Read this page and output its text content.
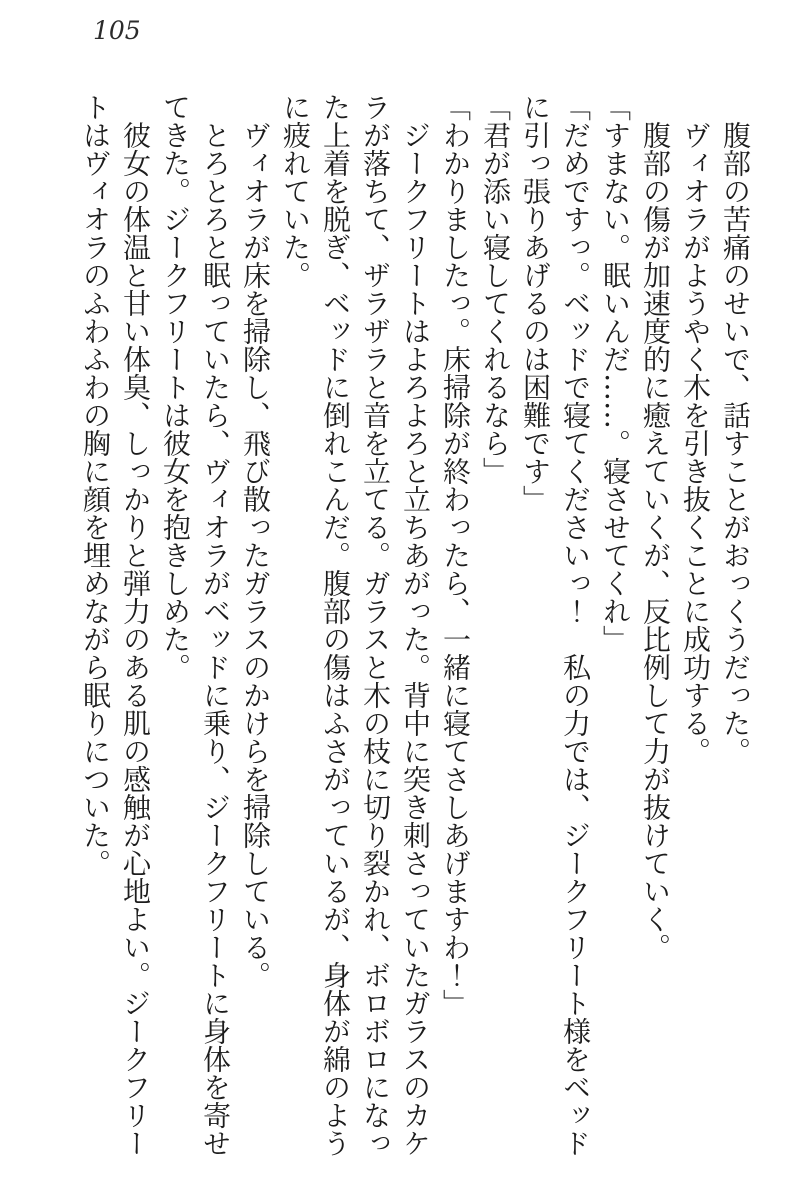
105

腹部の苦痛のせいで、話すことがおっくうだった。

ヴィオラがようやく木を引き抜くことに成功する。

腹部の傷が加速度的に癒えていくが、反比例して力が抜けていく。

「すまない。眠いんだ……。寝させてくれ」

「だめですっ。ベッドで寝てくださいっ！　私の力では、ジークフリート様をベッドに引っ張りあげるのは困難です」

「君が添い寝してくれるなら」

「わかりましたっ。床掃除が終わったら、一緒に寝てさしあげますわ！」

ジークフリートはよろよろと立ちあがった。背中に突き刺さっていたガラスのカケラが落ちて、ザラザラと音を立てる。ガラスと木の枝に切り裂かれ、ボロボロになった上着を脱ぎ、ベッドに倒れこんだ。腹部の傷はふさがっているが、身体が綿のように疲れていた。

ヴィオラが床を掃除し、飛び散ったガラスのかけらを掃除している。

とろとろと眠っていたら、ヴィオラがベッドに乗り、ジークフリートに身体を寄せてきた。ジークフリートは彼女を抱きしめた。

彼女の体温と甘い体臭、しっかりと弾力のある肌の感触が心地よい。ジークフリートはヴィオラのふわふわの胸に顔を埋めながら眠りについた。
